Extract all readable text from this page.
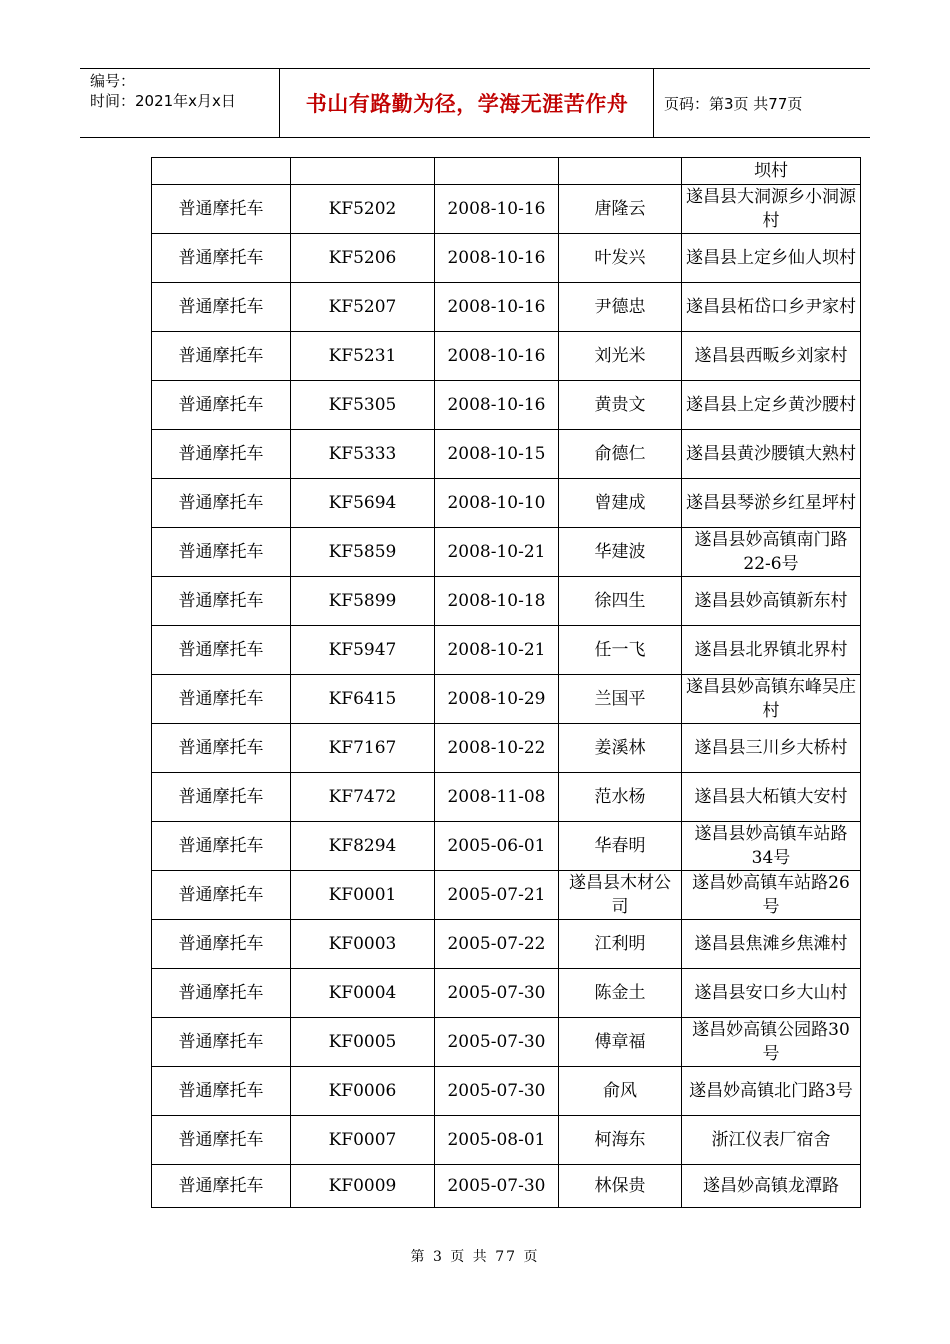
编号：
时间：2021年x月x日	书山有路勤为径，学海无涯苦作舟	页码：第3页 共77页
				坝村
普通摩托车	KF5202	2008-10-16	唐隆云	遂昌县大洞源乡小洞源村
普通摩托车	KF5206	2008-10-16	叶发兴	遂昌县上定乡仙人坝村
普通摩托车	KF5207	2008-10-16	尹德忠	遂昌县柘岱口乡尹家村
普通摩托车	KF5231	2008-10-16	刘光米	遂昌县西畈乡刘家村
普通摩托车	KF5305	2008-10-16	黄贵文	遂昌县上定乡黄沙腰村
普通摩托车	KF5333	2008-10-15	俞德仁	遂昌县黄沙腰镇大熟村
普通摩托车	KF5694	2008-10-10	曾建成	遂昌县琴淤乡红星坪村
普通摩托车	KF5859	2008-10-21	华建波	遂昌县妙高镇南门路22-6号
普通摩托车	KF5899	2008-10-18	徐四生	遂昌县妙高镇新东村
普通摩托车	KF5947	2008-10-21	任一飞	遂昌县北界镇北界村
普通摩托车	KF6415	2008-10-29	兰国平	遂昌县妙高镇东峰吴庄村
普通摩托车	KF7167	2008-10-22	姜溪林	遂昌县三川乡大桥村
普通摩托车	KF7472	2008-11-08	范水杨	遂昌县大柘镇大安村
普通摩托车	KF8294	2005-06-01	华春明	遂昌县妙高镇车站路34号
普通摩托车	KF0001	2005-07-21	遂昌县木材公司	遂昌妙高镇车站路26号
普通摩托车	KF0003	2005-07-22	江利明	遂昌县焦滩乡焦滩村
普通摩托车	KF0004	2005-07-30	陈金土	遂昌县安口乡大山村
普通摩托车	KF0005	2005-07-30	傅章福	遂昌妙高镇公园路30号
普通摩托车	KF0006	2005-07-30	俞风	遂昌妙高镇北门路3号
普通摩托车	KF0007	2005-08-01	柯海东	浙江仪表厂宿舍
普通摩托车	KF0009	2005-07-30	林保贵	遂昌妙高镇龙潭路
第 3 页 共 77 页
